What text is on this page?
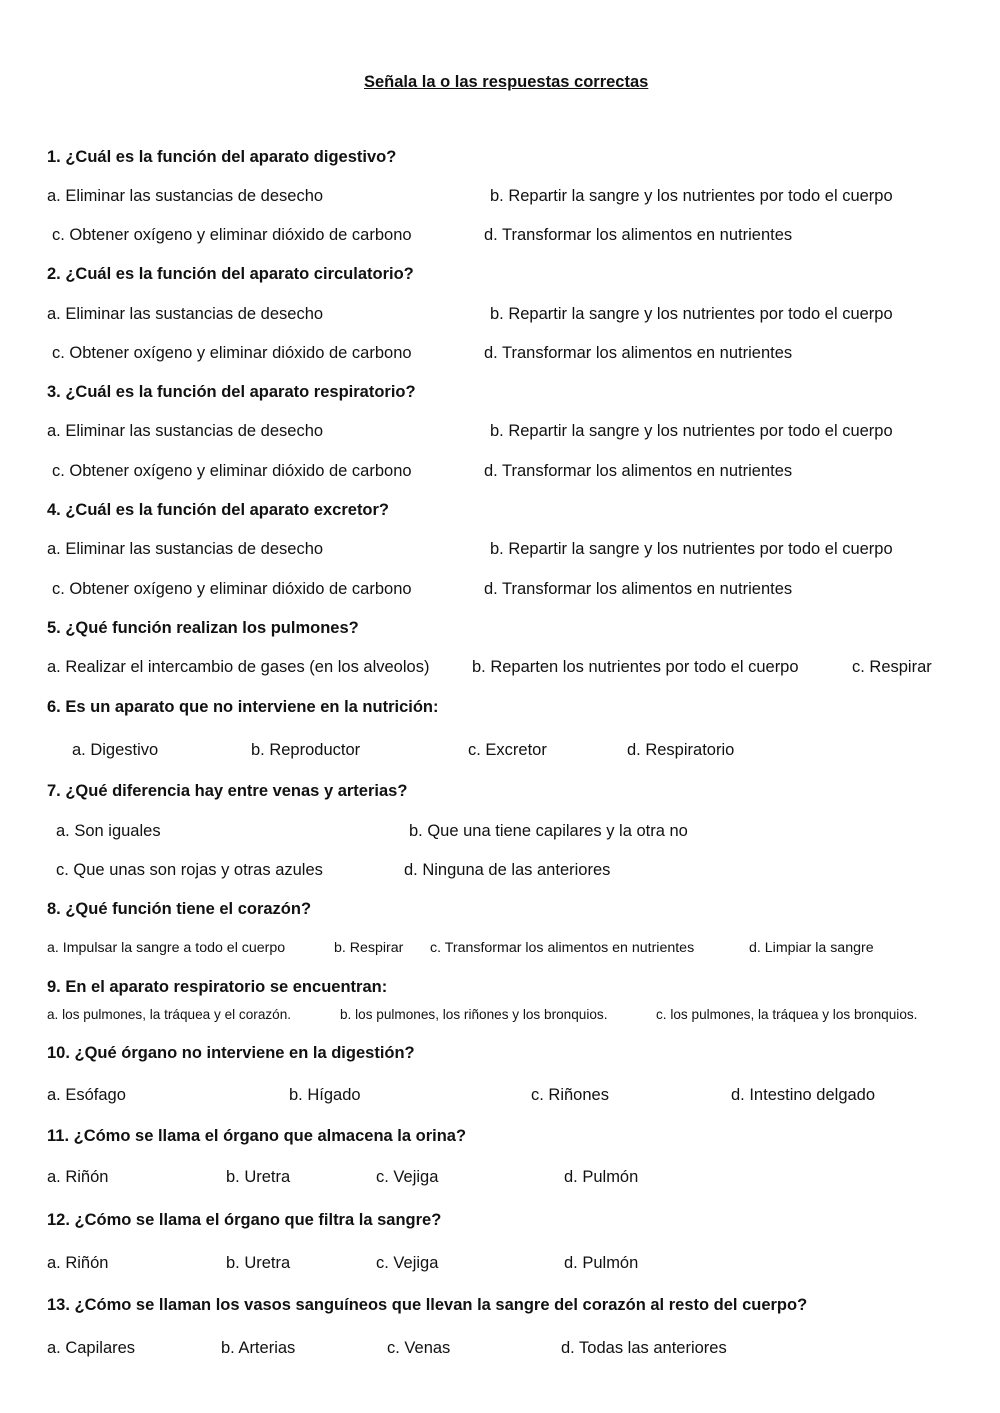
Señala la o las respuestas correctas
1. ¿Cuál es la función del aparato digestivo?
a. Eliminar las sustancias de desecho	b. Repartir la sangre y los nutrientes por todo el cuerpo
c. Obtener oxígeno y eliminar dióxido de carbono	d. Transformar los alimentos en nutrientes
2. ¿Cuál es la función del aparato circulatorio?
a. Eliminar las sustancias de desecho	b. Repartir la sangre y los nutrientes por todo el cuerpo
c. Obtener oxígeno y eliminar dióxido de carbono	d. Transformar los alimentos en nutrientes
3. ¿Cuál es la función del aparato respiratorio?
a. Eliminar las sustancias de desecho	b. Repartir la sangre y los nutrientes por todo el cuerpo
c. Obtener oxígeno y eliminar dióxido de carbono	d. Transformar los alimentos en nutrientes
4. ¿Cuál es la función del aparato excretor?
a. Eliminar las sustancias de desecho	b. Repartir la sangre y los nutrientes por todo el cuerpo
c. Obtener oxígeno y eliminar dióxido de carbono	d. Transformar los alimentos en nutrientes
5. ¿Qué función realizan los pulmones?
a. Realizar el intercambio de gases (en los alveolos)	b. Reparten los nutrientes por todo el cuerpo	c. Respirar
6. Es un aparato que no interviene en la nutrición:
a. Digestivo	b. Reproductor	c. Excretor	d. Respiratorio
7. ¿Qué diferencia hay entre venas y arterias?
a. Son iguales	b. Que una tiene capilares y la otra no
c. Que unas son rojas y otras azules	d. Ninguna de las anteriores
8. ¿Qué función tiene el corazón?
a. Impulsar la sangre a todo el cuerpo	b. Respirar c. Transformar los alimentos en nutrientes	d. Limpiar la sangre
9. En el aparato respiratorio se encuentran:
a. los pulmones, la tráquea y el corazón.	b. los pulmones, los riñones y los bronquios.	c. los pulmones, la tráquea y los bronquios.
10. ¿Qué órgano no interviene en la digestión?
a. Esófago	b. Hígado	c. Riñones	d. Intestino delgado
11. ¿Cómo se llama el órgano que almacena la orina?
a. Riñón	b. Uretra	c. Vejiga	d. Pulmón
12. ¿Cómo se llama el órgano que filtra la sangre?
a. Riñón	b. Uretra	c. Vejiga	d. Pulmón
13. ¿Cómo se llaman los vasos sanguíneos que llevan la sangre del corazón al resto del cuerpo?
a. Capilares	b. Arterias	c. Venas	d. Todas las anteriores
